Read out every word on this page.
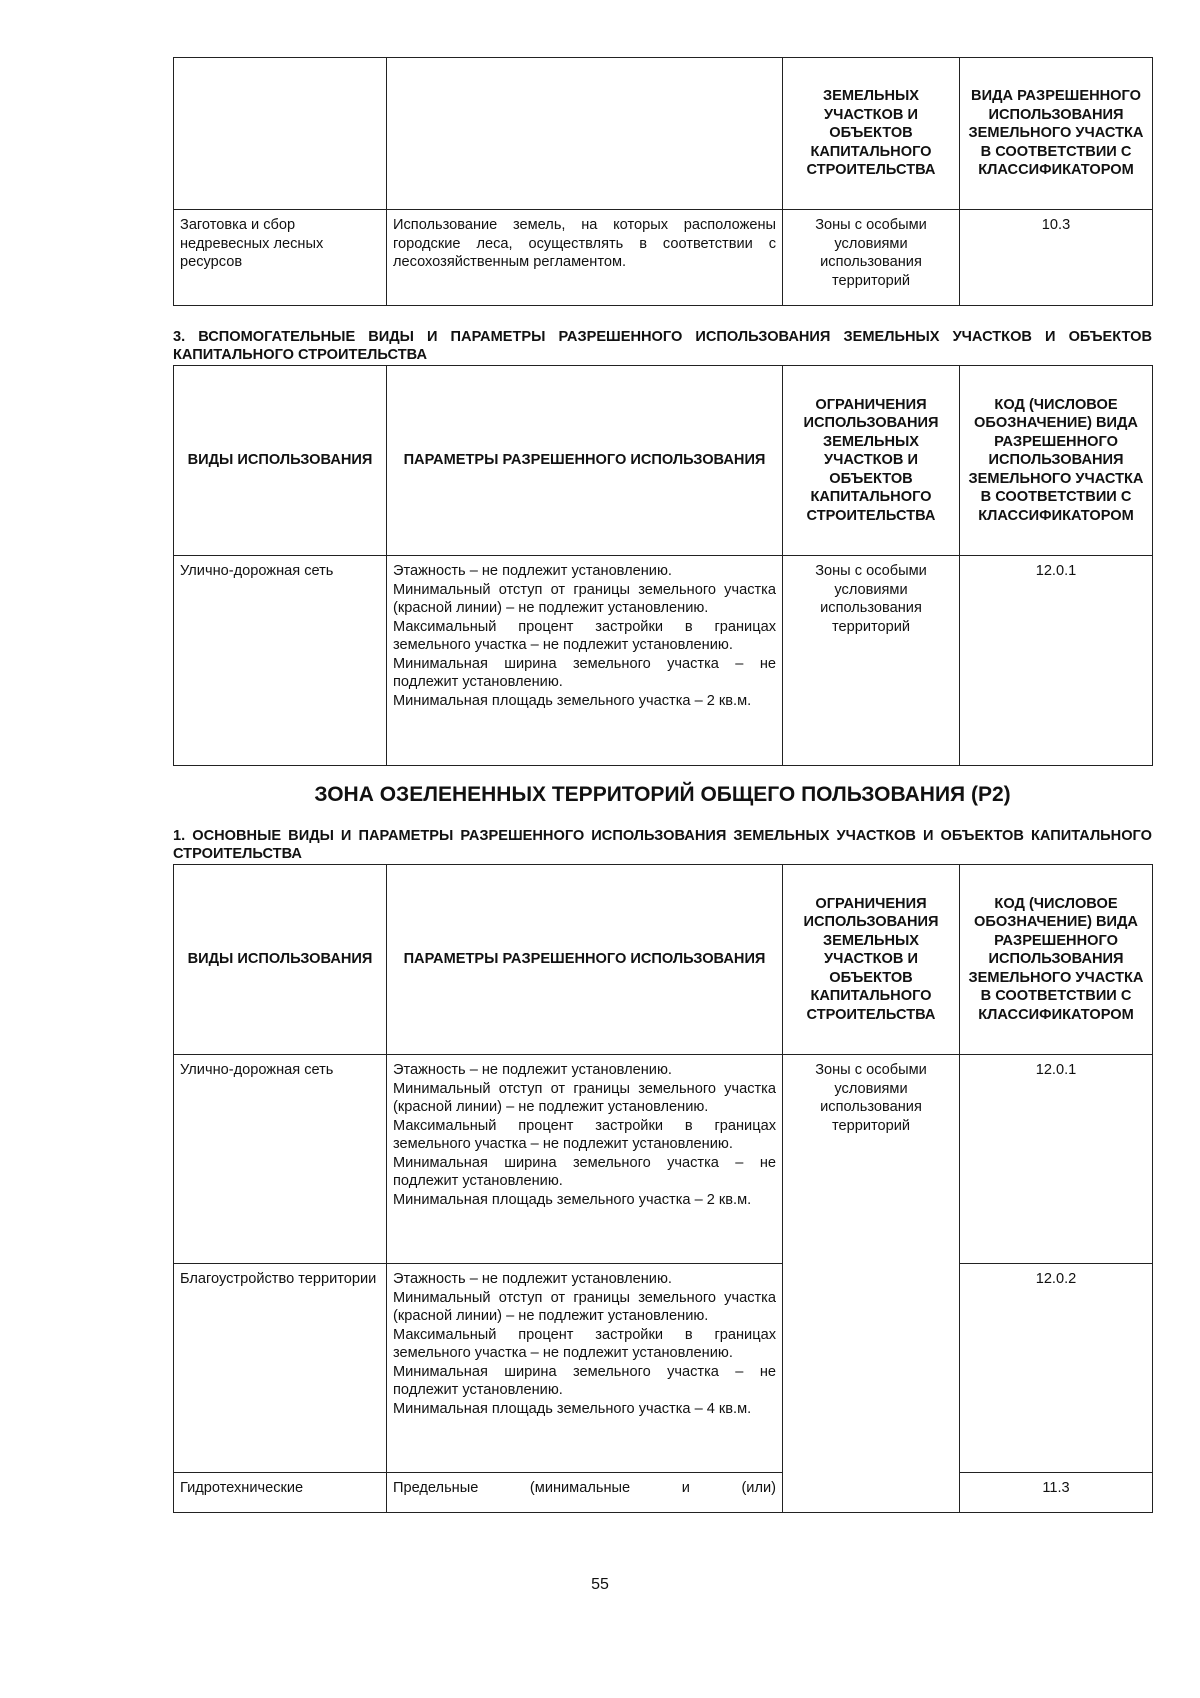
		ЗЕМЕЛЬНЫХ УЧАСТКОВ И ОБЪЕКТОВ КАПИТАЛЬНОГО СТРОИТЕЛЬСТВА	ВИДА РАЗРЕШЕННОГО ИСПОЛЬЗОВАНИЯ ЗЕМЕЛЬНОГО УЧАСТКА В СООТВЕТСТВИИ С КЛАССИФИКАТОРОМ
Заготовка и сбор недревесных лесных ресурсов	Использование земель, на которых расположены городские леса, осуществлять в соответствии с лесохозяйственным регламентом.	Зоны с особыми условиями использования территорий	10.3
3. ВСПОМОГАТЕЛЬНЫЕ ВИДЫ И ПАРАМЕТРЫ РАЗРЕШЕННОГО ИСПОЛЬЗОВАНИЯ ЗЕМЕЛЬНЫХ УЧАСТКОВ И ОБЪЕКТОВ КАПИТАЛЬНОГО СТРОИТЕЛЬСТВА
ВИДЫ ИСПОЛЬЗОВАНИЯ	ПАРАМЕТРЫ РАЗРЕШЕННОГО ИСПОЛЬЗОВАНИЯ	ОГРАНИЧЕНИЯ ИСПОЛЬЗОВАНИЯ ЗЕМЕЛЬНЫХ УЧАСТКОВ И ОБЪЕКТОВ КАПИТАЛЬНОГО СТРОИТЕЛЬСТВА	КОД (ЧИСЛОВОЕ ОБОЗНАЧЕНИЕ) ВИДА РАЗРЕШЕННОГО ИСПОЛЬЗОВАНИЯ ЗЕМЕЛЬНОГО УЧАСТКА В СООТВЕТСТВИИ С КЛАССИФИКАТОРОМ
Улично-дорожная сеть	Этажность – не подлежит установлению.
Минимальный отступ от границы земельного участка (красной линии) – не подлежит установлению.
Максимальный процент застройки в границах земельного участка – не подлежит установлению.
Минимальная ширина земельного участка – не подлежит установлению.
Минимальная площадь земельного участка – 2 кв.м.	Зоны с особыми условиями использования территорий	12.0.1
ЗОНА ОЗЕЛЕНЕННЫХ ТЕРРИТОРИЙ ОБЩЕГО ПОЛЬЗОВАНИЯ (Р2)
1. ОСНОВНЫЕ ВИДЫ И ПАРАМЕТРЫ РАЗРЕШЕННОГО ИСПОЛЬЗОВАНИЯ ЗЕМЕЛЬНЫХ УЧАСТКОВ И ОБЪЕКТОВ КАПИТАЛЬНОГО СТРОИТЕЛЬСТВА
ВИДЫ ИСПОЛЬЗОВАНИЯ	ПАРАМЕТРЫ РАЗРЕШЕННОГО ИСПОЛЬЗОВАНИЯ	ОГРАНИЧЕНИЯ ИСПОЛЬЗОВАНИЯ ЗЕМЕЛЬНЫХ УЧАСТКОВ И ОБЪЕКТОВ КАПИТАЛЬНОГО СТРОИТЕЛЬСТВА	КОД (ЧИСЛОВОЕ ОБОЗНАЧЕНИЕ) ВИДА РАЗРЕШЕННОГО ИСПОЛЬЗОВАНИЯ ЗЕМЕЛЬНОГО УЧАСТКА В СООТВЕТСТВИИ С КЛАССИФИКАТОРОМ
Улично-дорожная сеть	Этажность – не подлежит установлению.
Минимальный отступ от границы земельного участка (красной линии) – не подлежит установлению.
Максимальный процент застройки в границах земельного участка – не подлежит установлению.
Минимальная ширина земельного участка – не подлежит установлению.
Минимальная площадь земельного участка – 2 кв.м.	Зоны с особыми условиями использования территорий	12.0.1
Благоустройство территории	Этажность – не подлежит установлению.
Минимальный отступ от границы земельного участка (красной линии) – не подлежит установлению.
Максимальный процент застройки в границах земельного участка – не подлежит установлению.
Минимальная ширина земельного участка – не подлежит установлению.
Минимальная площадь земельного участка – 4 кв.м.		12.0.2
Гидротехнические	Предельные (минимальные и (или)		11.3
55
